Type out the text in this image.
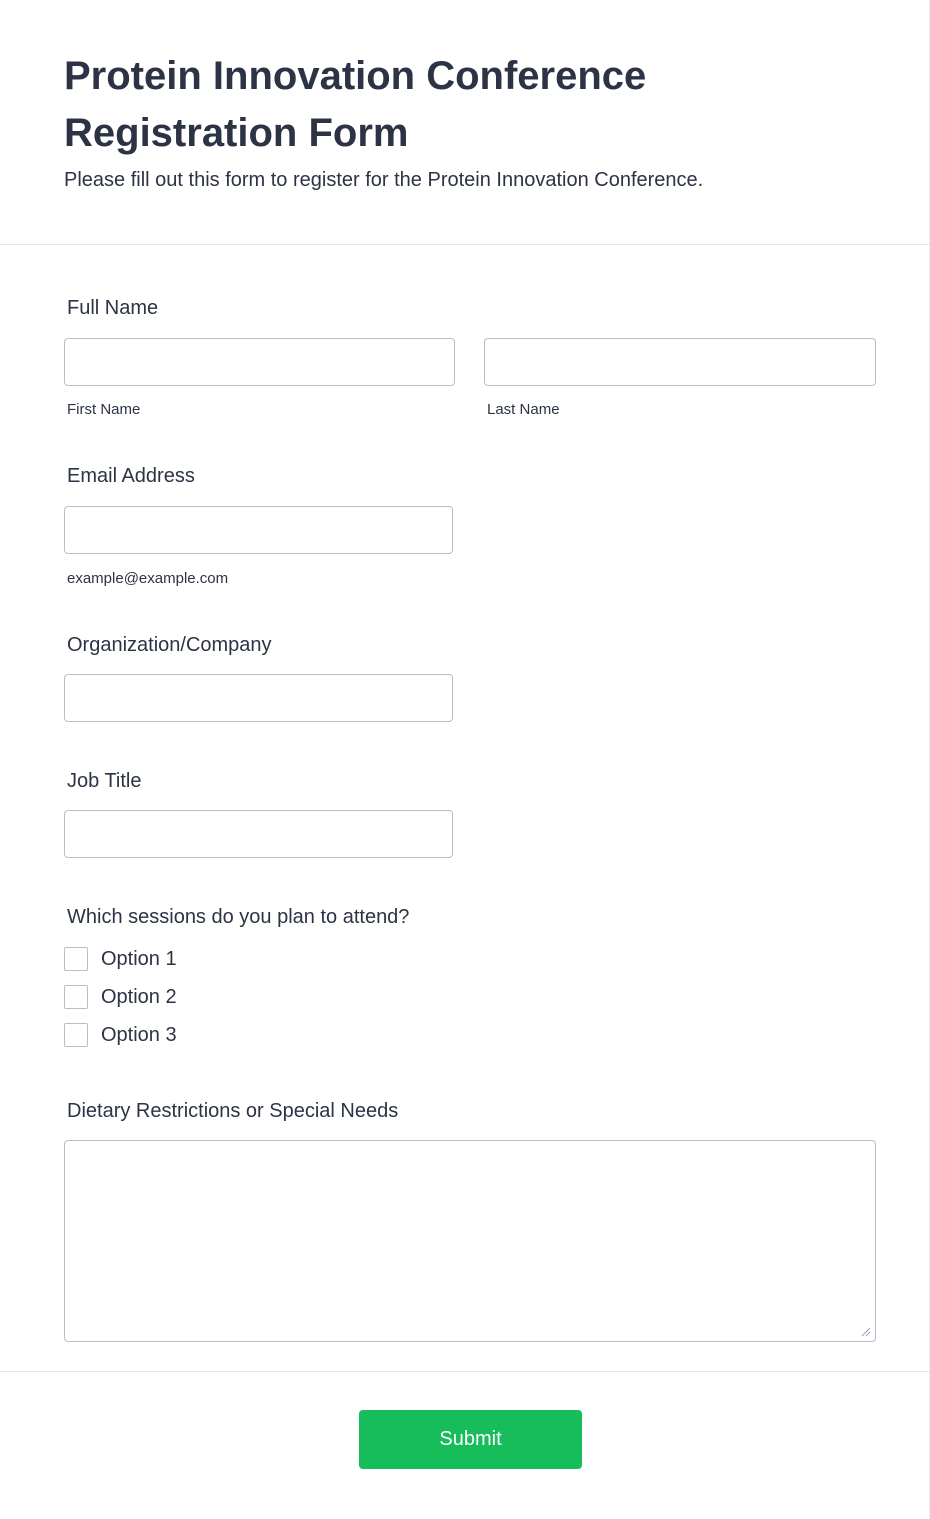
Protein Innovation Conference Registration Form

Please fill out this form to register for the Protein Innovation Conference.

Full Name
First Name	Last Name
Email Address
example@example.com
Organization/Company
Job Title
Which sessions do you plan to attend?
Option 1
Option 2
Option 3
Dietary Restrictions or Special Needs
Submit
